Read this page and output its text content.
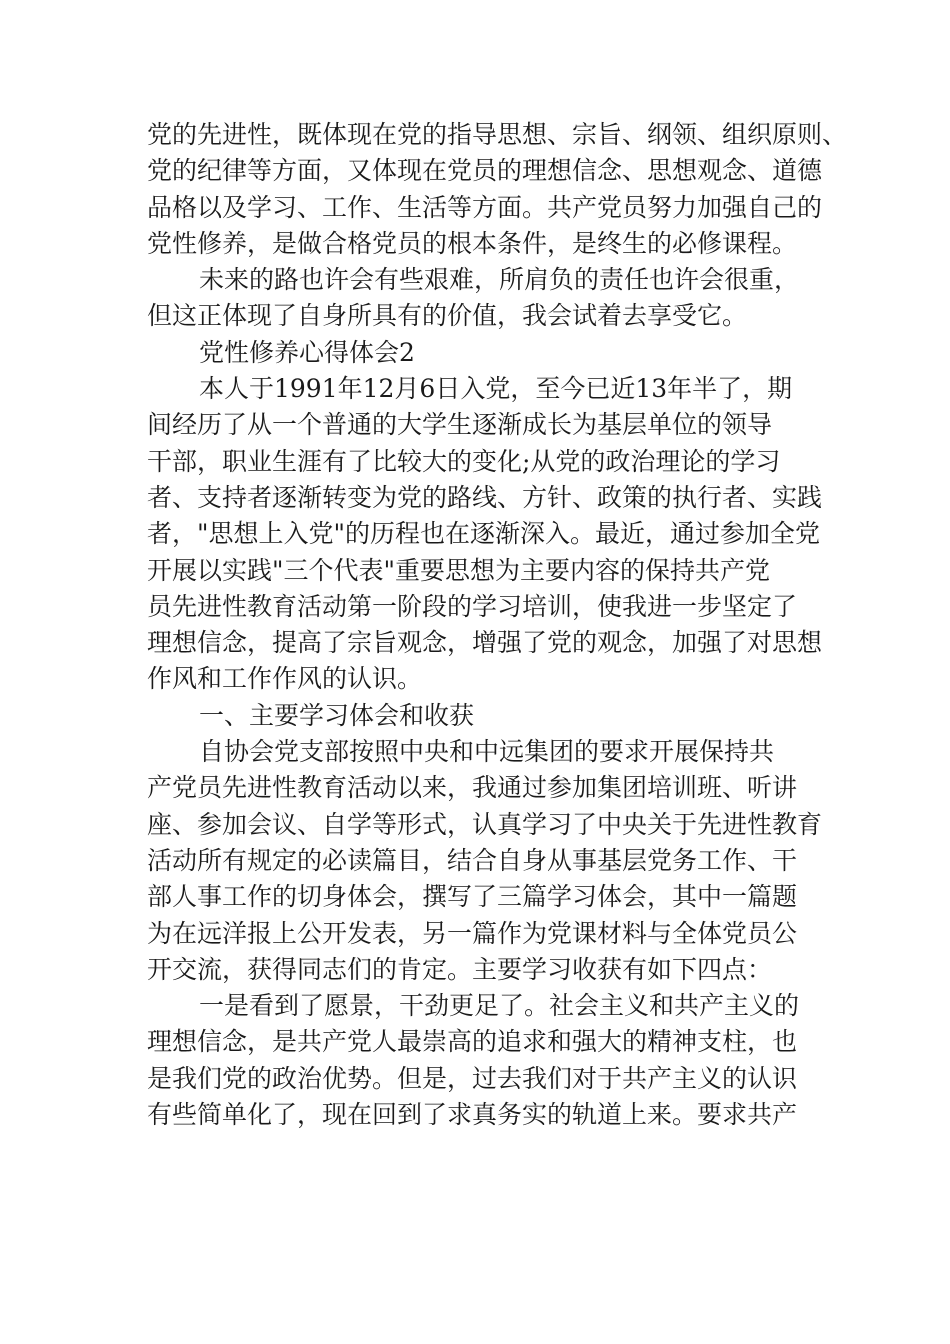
党的先进性，既体现在党的指导思想、宗旨、纲领、组织原则、
党的纪律等方面，又体现在党员的理想信念、思想观念、道德
品格以及学习、工作、生活等方面。共产党员努力加强自己的
党性修养，是做合格党员的根本条件，是终生的必修课程。
未来的路也许会有些艰难，所肩负的责任也许会很重，
但这正体现了自身所具有的价值，我会试着去享受它。
党性修养心得体会2
本人于1991年12月6日入党，至今已近13年半了，期
间经历了从一个普通的大学生逐渐成长为基层单位的领导
干部，职业生涯有了比较大的变化;从党的政治理论的学习
者、支持者逐渐转变为党的路线、方针、政策的执行者、实践
者，"思想上入党"的历程也在逐渐深入。最近，通过参加全党
开展以实践"三个代表"重要思想为主要内容的保持共产党
员先进性教育活动第一阶段的学习培训，使我进一步坚定了
理想信念，提高了宗旨观念，增强了党的观念，加强了对思想
作风和工作作风的认识。
一、主要学习体会和收获
自协会党支部按照中央和中远集团的要求开展保持共
产党员先进性教育活动以来，我通过参加集团培训班、听讲
座、参加会议、自学等形式，认真学习了中央关于先进性教育
活动所有规定的必读篇目，结合自身从事基层党务工作、干
部人事工作的切身体会，撰写了三篇学习体会，其中一篇题
为在远洋报上公开发表，另一篇作为党课材料与全体党员公
开交流，获得同志们的肯定。主要学习收获有如下四点：
一是看到了愿景，干劲更足了。社会主义和共产主义的
理想信念，是共产党人最崇高的追求和强大的精神支柱，也
是我们党的政治优势。但是，过去我们对于共产主义的认识
有些简单化了，现在回到了求真务实的轨道上来。要求共产
